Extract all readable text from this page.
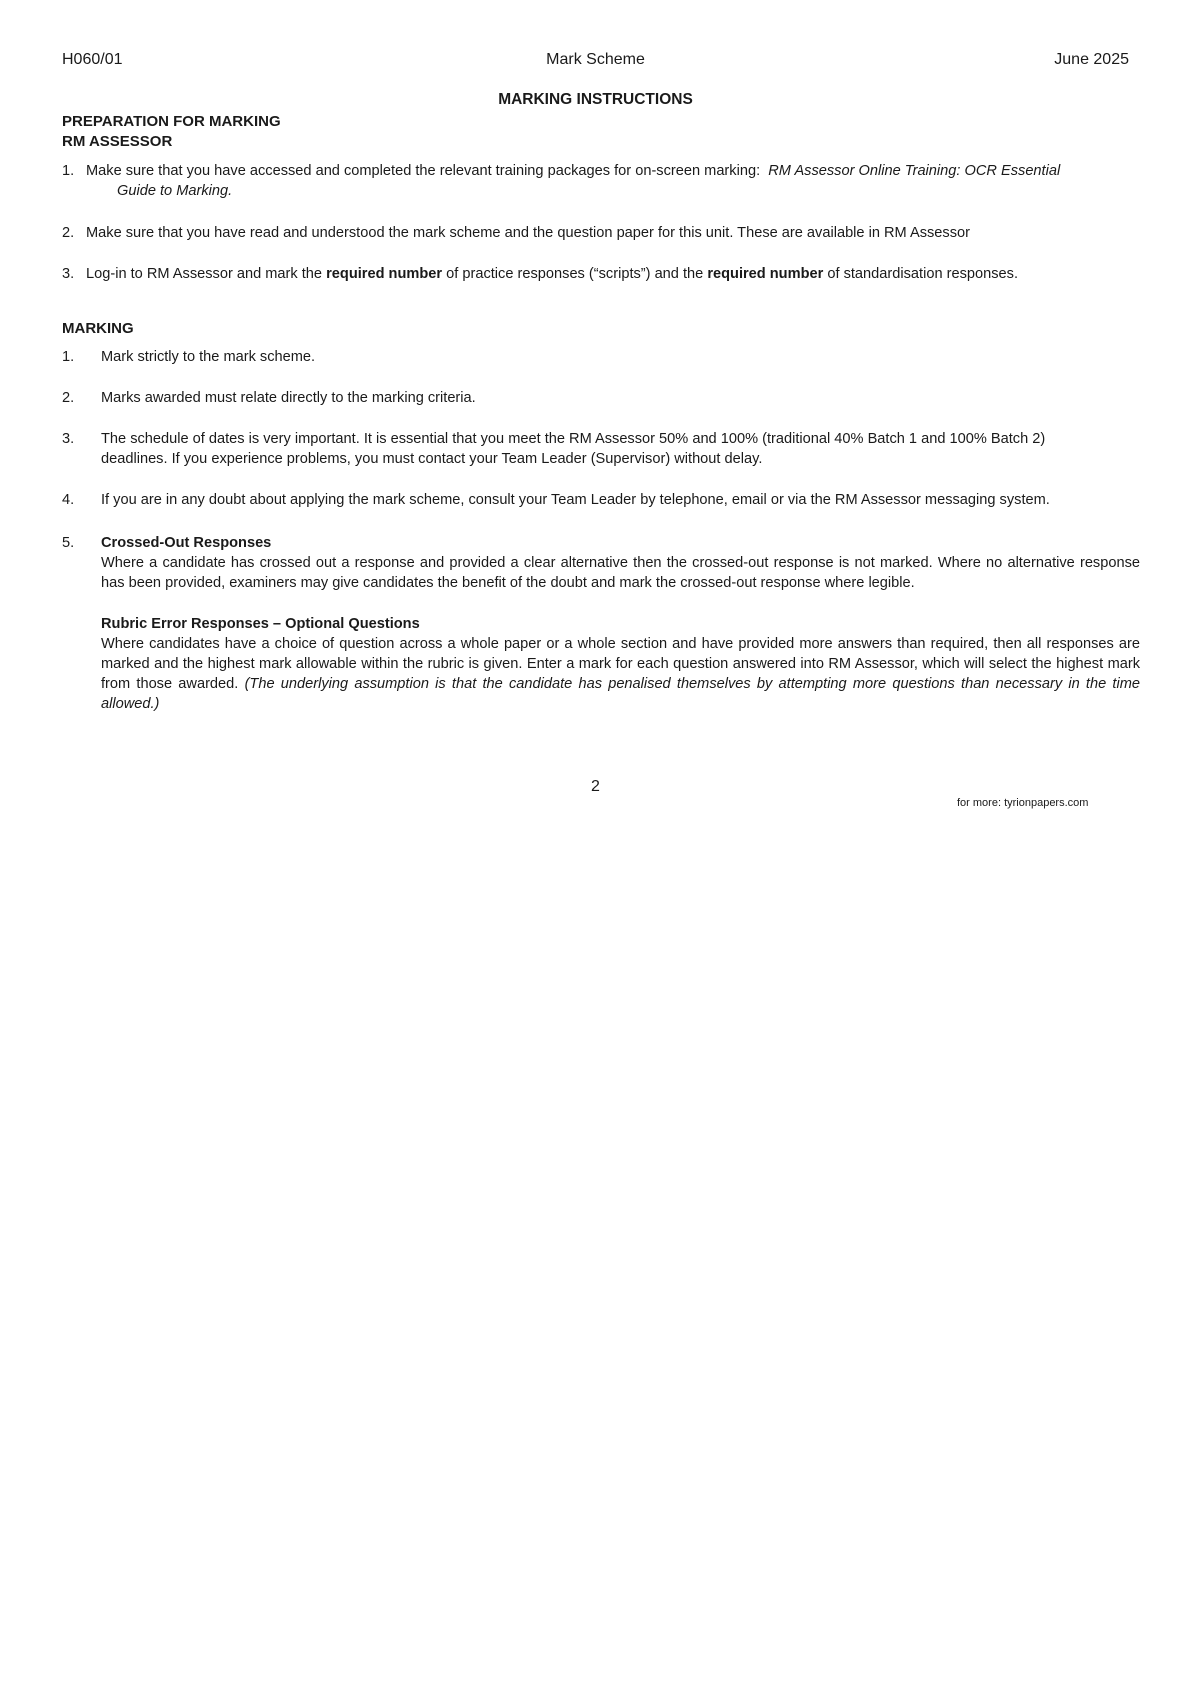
H060/01	Mark Scheme	June 2025
MARKING INSTRUCTIONS
PREPARATION FOR MARKING
RM ASSESSOR
1. Make sure that you have accessed and completed the relevant training packages for on-screen marking: RM Assessor Online Training: OCR Essential
Guide to Marking.
2. Make sure that you have read and understood the mark scheme and the question paper for this unit. These are available in RM Assessor
3. Log-in to RM Assessor and mark the required number of practice responses (“scripts”) and the required number of standardisation responses.
MARKING
1. Mark strictly to the mark scheme.
2. Marks awarded must relate directly to the marking criteria.
3. The schedule of dates is very important. It is essential that you meet the RM Assessor 50% and 100% (traditional 40% Batch 1 and 100% Batch 2)
deadlines. If you experience problems, you must contact your Team Leader (Supervisor) without delay.
4. If you are in any doubt about applying the mark scheme, consult your Team Leader by telephone, email or via the RM Assessor messaging system.
5. Crossed-Out Responses
Where a candidate has crossed out a response and provided a clear alternative then the crossed-out response is not marked. Where no alternative response has been provided, examiners may give candidates the benefit of the doubt and mark the crossed-out response where legible.
Rubric Error Responses – Optional Questions
Where candidates have a choice of question across a whole paper or a whole section and have provided more answers than required, then all responses are marked and the highest mark allowable within the rubric is given. Enter a mark for each question answered into RM Assessor, which will select the highest mark from those awarded. (The underlying assumption is that the candidate has penalised themselves by attempting more questions than necessary in the time allowed.)
2
for more: tyrionpapers.com
